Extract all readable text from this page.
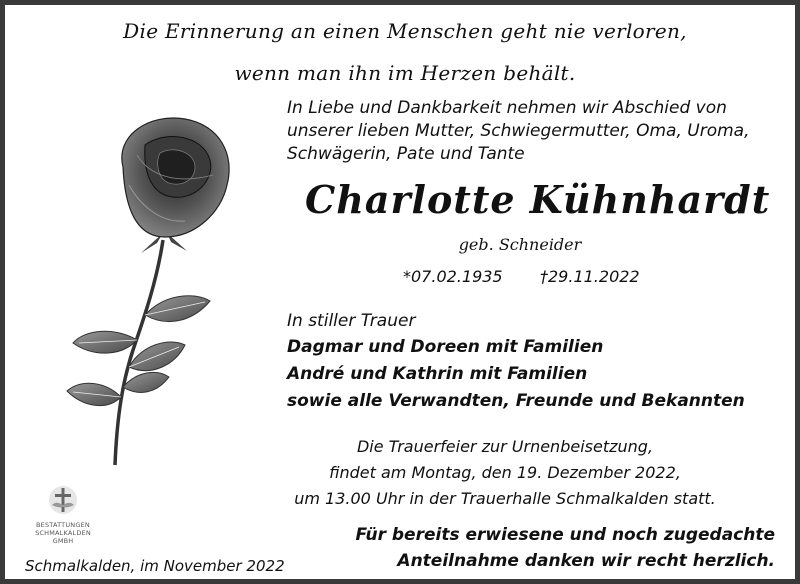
Die Erinnerung an einen Menschen geht nie verloren,
wenn man ihn im Herzen behält.
In Liebe und Dankbarkeit nehmen wir Abschied von
unserer lieben Mutter, Schwiegermutter, Oma, Uroma,
Schwägerin, Pate und Tante
Charlotte Kühnhardt
geb. Schneider
*07.02.1935 †29.11.2022
In stiller Trauer
Dagmar und Doreen mit Familien
André und Kathrin mit Familien
sowie alle Verwandten, Freunde und Bekannten
Die Trauerfeier zur Urnenbeisetzung,
findet am Montag, den 19. Dezember 2022,
um 13.00 Uhr in der Trauerhalle Schmalkalden statt.
BESTATTUNGEN
SCHMALKALDEN
GMBH	Für bereits erwiesene und noch zugedachte
Anteilnahme danken wir recht herzlich.
Schmalkalden, im November 2022
